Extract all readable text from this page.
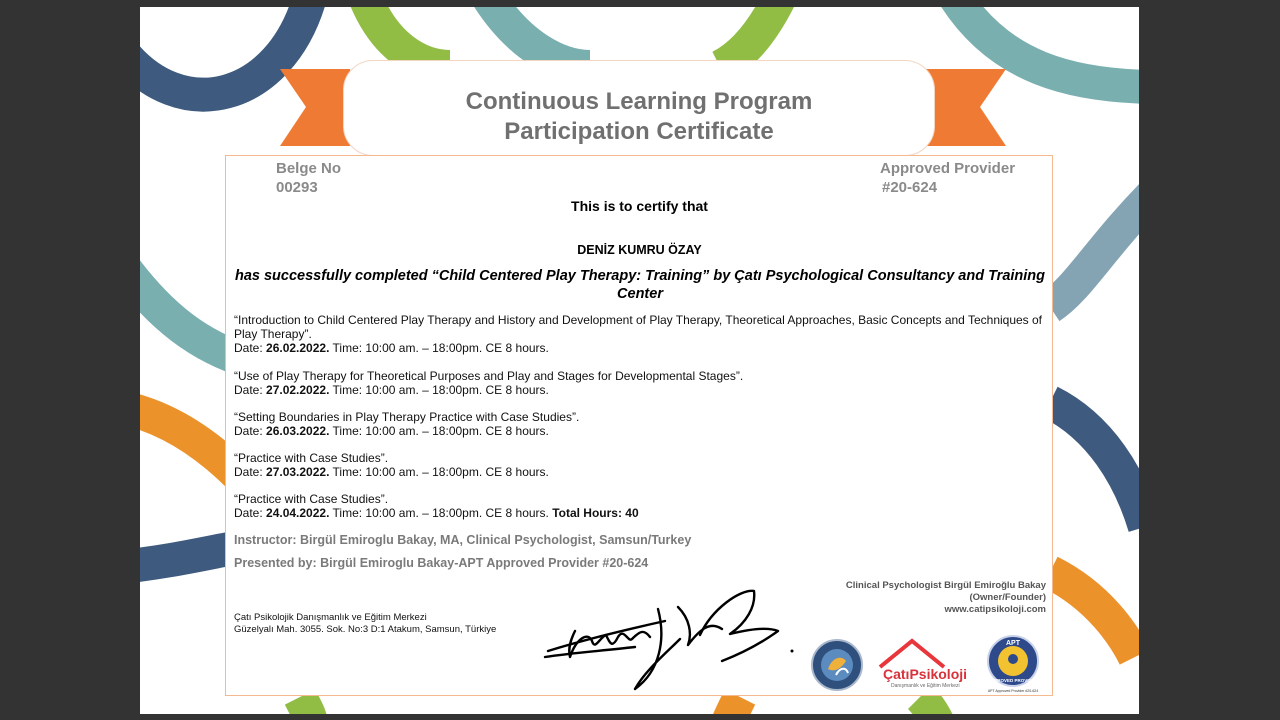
Continuous Learning Program
Participation Certificate
Belge No
00293
Approved Provider
#20-624
This is to certify that
DENİZ KUMRU ÖZAY
has successfully completed “Child Centered Play Therapy: Training” by Çatı Psychological Consultancy and Training
Center
“Introduction to Child Centered Play Therapy and History and Development of Play Therapy, Theoretical Approaches, Basic Concepts and Techniques of
Play Therapy”.
Date: 26.02.2022. Time: 10:00 am. – 18:00pm. CE 8 hours.
“Use of Play Therapy for Theoretical Purposes and Play and Stages for Developmental Stages”.
Date: 27.02.2022. Time: 10:00 am. – 18:00pm. CE 8 hours.
“Setting Boundaries in Play Therapy Practice with Case Studies”.
Date: 26.03.2022. Time: 10:00 am. – 18:00pm. CE 8 hours.
“Practice with Case Studies”.
Date: 27.03.2022. Time: 10:00 am. – 18:00pm. CE 8 hours.
“Practice with Case Studies”.
Date: 24.04.2022. Time: 10:00 am. – 18:00pm. CE 8 hours. Total Hours: 40
Instructor: Birgül Emiroglu Bakay, MA, Clinical Psychologist, Samsun/Turkey
Presented by: Birgül Emiroglu Bakay-APT Approved Provider #20-624
Clinical Psychologist Birgül Emiroğlu Bakay
(Owner/Founder)
www.catipsikoloji.com
Çatı Psikolojik Danışmanlık ve Eğitim Merkezi
Güzelyalı Mah. 3055. Sok. No:3 D:1 Atakum, Samsun, Türkiye
ÇatıPsikoloji
Danışmanlık ve Eğitim Merkezi
APT
APPROVED PROVIDER
APT Approved Provider #20-624
